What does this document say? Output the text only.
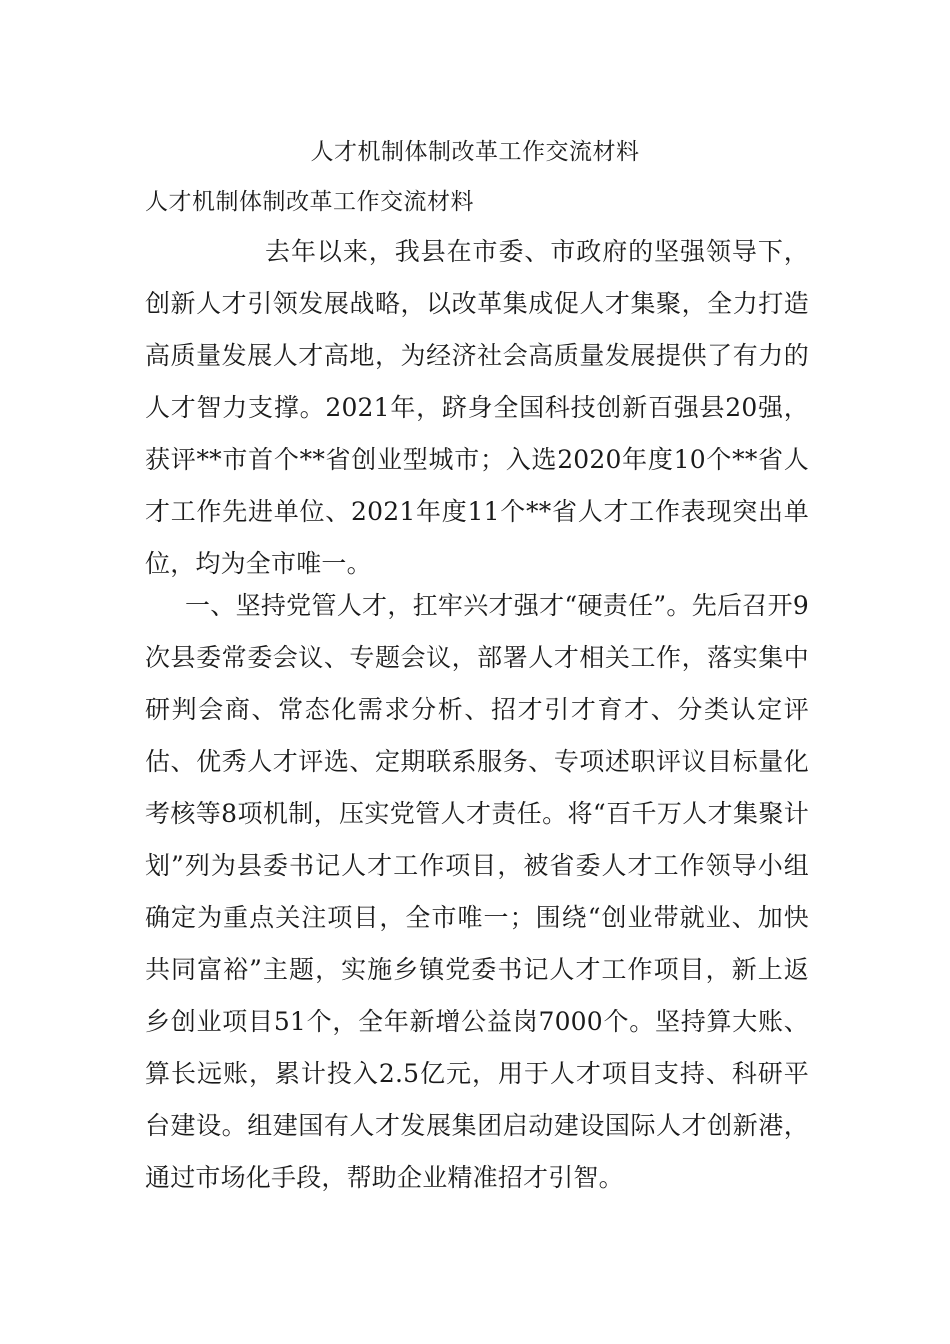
人才机制体制改革工作交流材料
人才机制体制改革工作交流材料

去年以来，我县在市委、市政府的坚强领导下，创新人才引领发展战略，以改革集成促人才集聚，全力打造高质量发展人才高地，为经济社会高质量发展提供了有力的人才智力支撑。2021年，跻身全国科技创新百强县20强，获评**市首个**省创业型城市；入选2020年度10个**省人才工作先进单位、2021年度11个**省人才工作表现突出单位，均为全市唯一。

一、坚持党管人才，扛牢兴才强才“硬责任”。先后召开9次县委常委会议、专题会议，部署人才相关工作，落实集中研判会商、常态化需求分析、招才引才育才、分类认定评估、优秀人才评选、定期联系服务、专项述职评议目标量化考核等8项机制，压实党管人才责任。将“百千万人才集聚计划”列为县委书记人才工作项目，被省委人才工作领导小组确定为重点关注项目，全市唯一；围绕“创业带就业、加快共同富裕”主题，实施乡镇党委书记人才工作项目，新上返乡创业项目51个，全年新增公益岗7000个。坚持算大账、算长远账，累计投入2.5亿元，用于人才项目支持、科研平台建设。组建国有人才发展集团启动建设国际人才创新港，通过市场化手段，帮助企业精准招才引智。
